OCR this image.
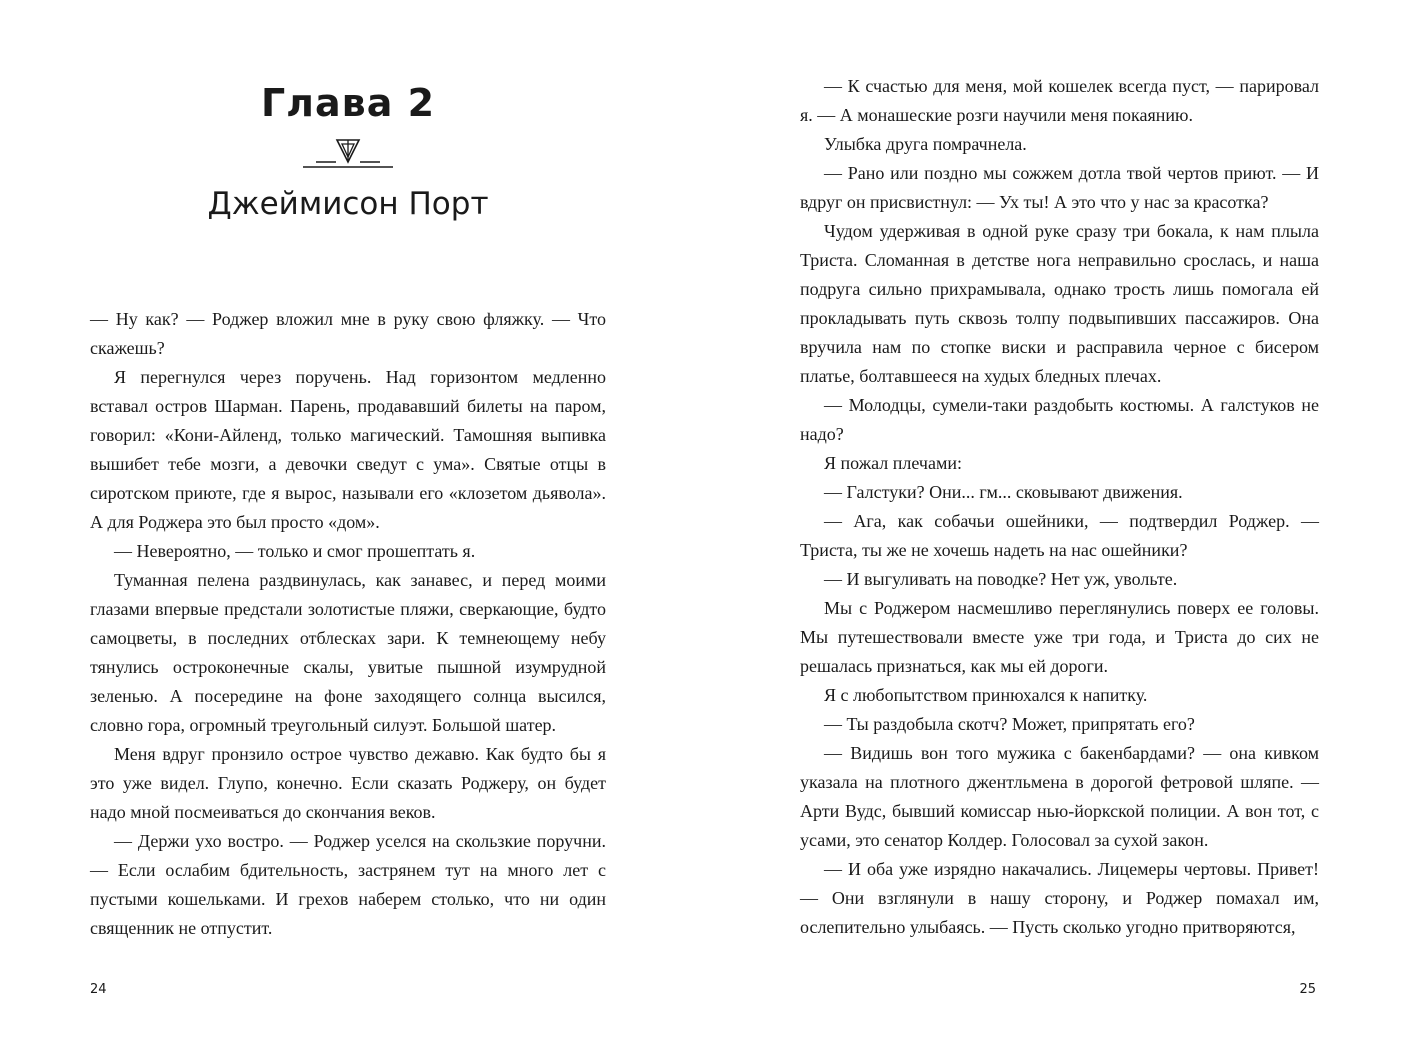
Глава 2
Джеймисон Порт

— Ну как? — Роджер вложил мне в руку свою фляжку. — Что скажешь?

Я перегнулся через поручень. Над горизонтом медленно вставал остров Шарман. Парень, продававший билеты на паром, говорил: «Кони-Айленд, только магический. Тамошняя выпивка вышибет тебе мозги, а девочки сведут с ума». Святые отцы в сиротском приюте, где я вырос, называли его «клозетом дьявола». А для Роджера это был просто «дом».

— Невероятно, — только и смог прошептать я.

Туманная пелена раздвинулась, как занавес, и перед моими глазами впервые предстали золотистые пляжи, сверкающие, будто самоцветы, в последних отблесках зари. К темнеющему небу тянулись остроконечные скалы, увитые пышной изумрудной зеленью. А посередине на фоне заходящего солнца высился, словно гора, огромный треугольный силуэт. Большой шатер.

Меня вдруг пронзило острое чувство дежавю. Как будто бы я это уже видел. Глупо, конечно. Если сказать Роджеру, он будет надо мной посмеиваться до скончания веков.

— Держи ухо востро. — Роджер уселся на скользкие поручни. — Если ослабим бдительность, застрянем тут на много лет с пустыми кошельками. И грехов наберем столько, что ни один священник не отпустит.

24

— К счастью для меня, мой кошелек всегда пуст, — парировал я. — А монашеские розги научили меня покаянию.

Улыбка друга помрачнела.

— Рано или поздно мы сожжем дотла твой чертов приют. — И вдруг он присвистнул: — Ух ты! А это что у нас за красотка?

Чудом удерживая в одной руке сразу три бокала, к нам плыла Триста. Сломанная в детстве нога неправильно срослась, и наша подруга сильно прихрамывала, однако трость лишь помогала ей прокладывать путь сквозь толпу подвыпивших пассажиров. Она вручила нам по стопке виски и расправила черное с бисером платье, болтавшееся на худых бледных плечах.

— Молодцы, сумели-таки раздобыть костюмы. А галстуков не надо?

Я пожал плечами:

— Галстуки? Они... гм... сковывают движения.

— Ага, как собачьи ошейники, — подтвердил Роджер. — Триста, ты же не хочешь надеть на нас ошейники?

— И выгуливать на поводке? Нет уж, увольте.

Мы с Роджером насмешливо переглянулись поверх ее головы. Мы путешествовали вместе уже три года, и Триста до сих не решалась признаться, как мы ей дороги.

Я с любопытством принюхался к напитку.

— Ты раздобыла скотч? Может, припрятать его?

— Видишь вон того мужика с бакенбардами? — она кивком указала на плотного джентльмена в дорогой фетровой шляпе. — Арти Вудс, бывший комиссар нью-йоркской полиции. А вон тот, с усами, это сенатор Колдер. Голосовал за сухой закон.

— И оба уже изрядно накачались. Лицемеры чертовы. Привет! — Они взглянули в нашу сторону, и Роджер помахал им, ослепительно улыбаясь. — Пусть сколько угодно притворяются,

25
